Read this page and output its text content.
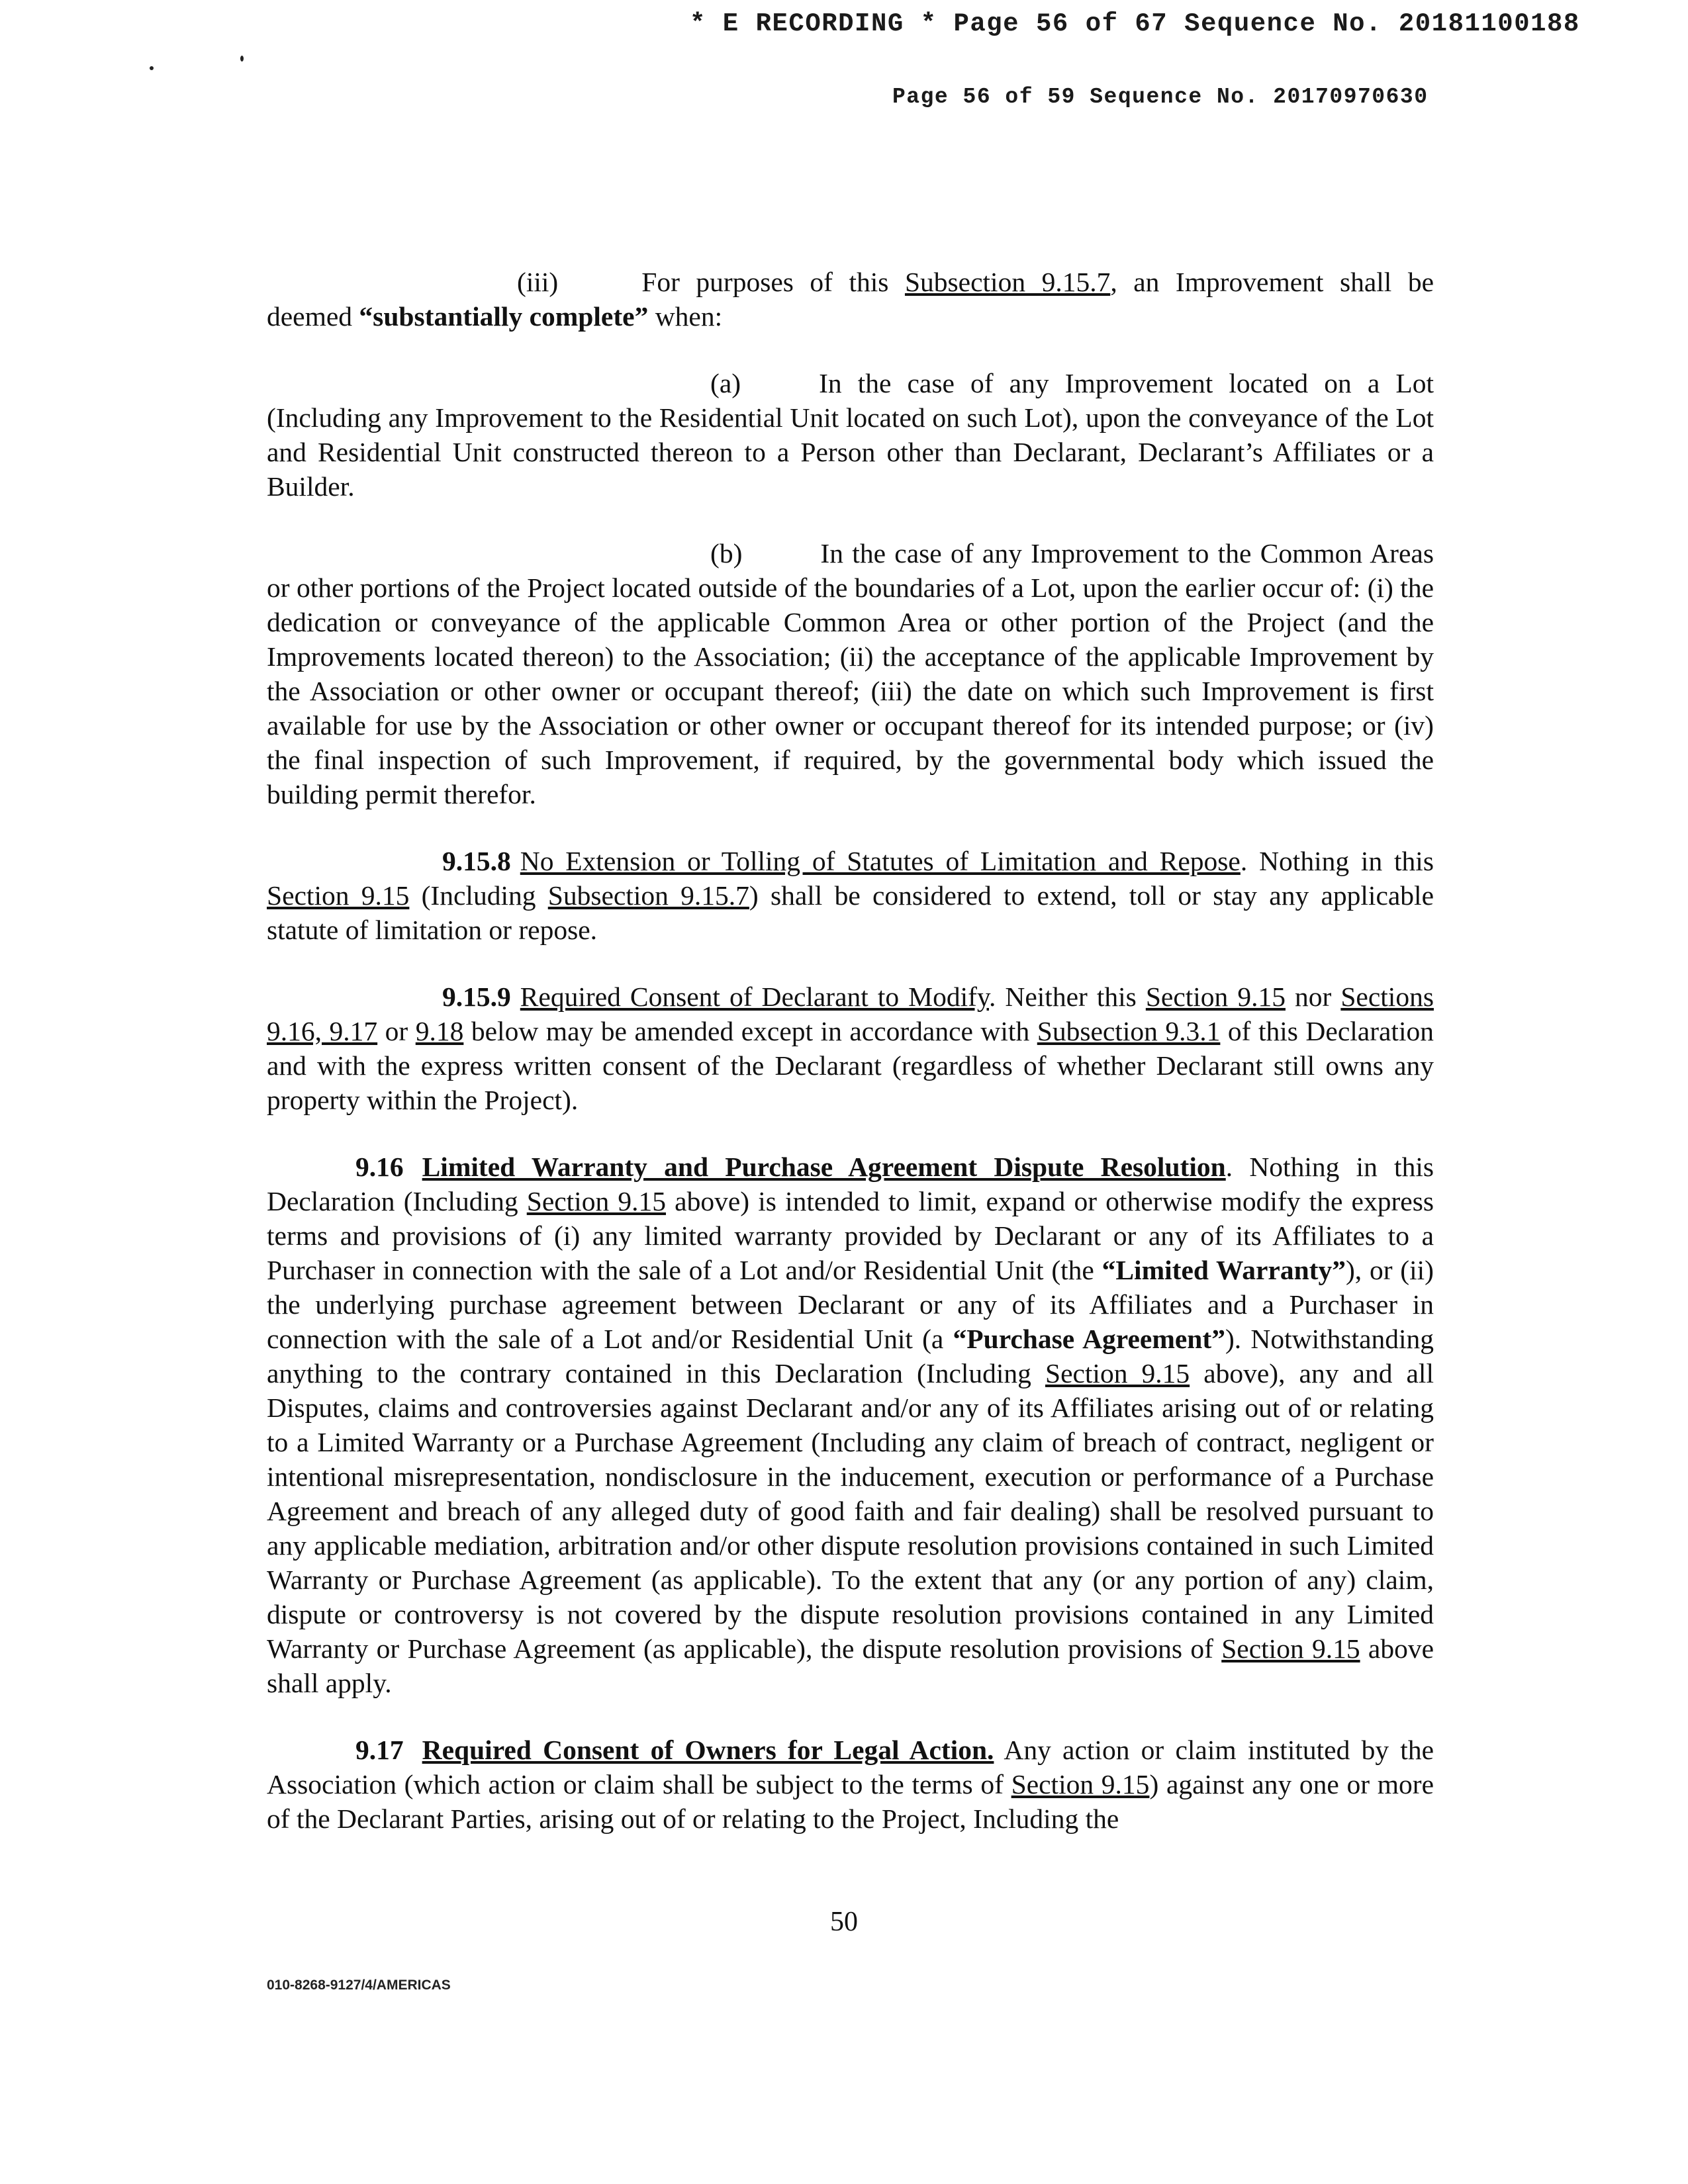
* E RECORDING * Page 56 of 67 Sequence No. 20181100188

Page 56 of 59 Sequence No. 20170970630

(iii)	For purposes of this Subsection 9.15.7, an Improvement shall be deemed “substantially complete” when:

(a)	In the case of any Improvement located on a Lot (Including any Improvement to the Residential Unit located on such Lot), upon the conveyance of the Lot and Residential Unit constructed thereon to a Person other than Declarant, Declarant’s Affiliates or a Builder.

(b)	In the case of any Improvement to the Common Areas or other portions of the Project located outside of the boundaries of a Lot, upon the earlier occur of: (i) the dedication or conveyance of the applicable Common Area or other portion of the Project (and the Improvements located thereon) to the Association; (ii) the acceptance of the applicable Improvement by the Association or other owner or occupant thereof; (iii) the date on which such Improvement is first available for use by the Association or other owner or occupant thereof for its intended purpose; or (iv) the final inspection of such Improvement, if required, by the governmental body which issued the building permit therefor.

9.15.8 No Extension or Tolling of Statutes of Limitation and Repose. Nothing in this Section 9.15 (Including Subsection 9.15.7) shall be considered to extend, toll or stay any applicable statute of limitation or repose.

9.15.9 Required Consent of Declarant to Modify. Neither this Section 9.15 nor Sections 9.16, 9.17 or 9.18 below may be amended except in accordance with Subsection 9.3.1 of this Declaration and with the express written consent of the Declarant (regardless of whether Declarant still owns any property within the Project).

9.16 Limited Warranty and Purchase Agreement Dispute Resolution. Nothing in this Declaration (Including Section 9.15 above) is intended to limit, expand or otherwise modify the express terms and provisions of (i) any limited warranty provided by Declarant or any of its Affiliates to a Purchaser in connection with the sale of a Lot and/or Residential Unit (the “Limited Warranty”), or (ii) the underlying purchase agreement between Declarant or any of its Affiliates and a Purchaser in connection with the sale of a Lot and/or Residential Unit (a “Purchase Agreement”). Notwithstanding anything to the contrary contained in this Declaration (Including Section 9.15 above), any and all Disputes, claims and controversies against Declarant and/or any of its Affiliates arising out of or relating to a Limited Warranty or a Purchase Agreement (Including any claim of breach of contract, negligent or intentional misrepresentation, nondisclosure in the inducement, execution or performance of a Purchase Agreement and breach of any alleged duty of good faith and fair dealing) shall be resolved pursuant to any applicable mediation, arbitration and/or other dispute resolution provisions contained in such Limited Warranty or Purchase Agreement (as applicable). To the extent that any (or any portion of any) claim, dispute or controversy is not covered by the dispute resolution provisions contained in any Limited Warranty or Purchase Agreement (as applicable), the dispute resolution provisions of Section 9.15 above shall apply.

9.17 Required Consent of Owners for Legal Action. Any action or claim instituted by the Association (which action or claim shall be subject to the terms of Section 9.15) against any one or more of the Declarant Parties, arising out of or relating to the Project, Including the

50

010-8268-9127/4/AMERICAS
